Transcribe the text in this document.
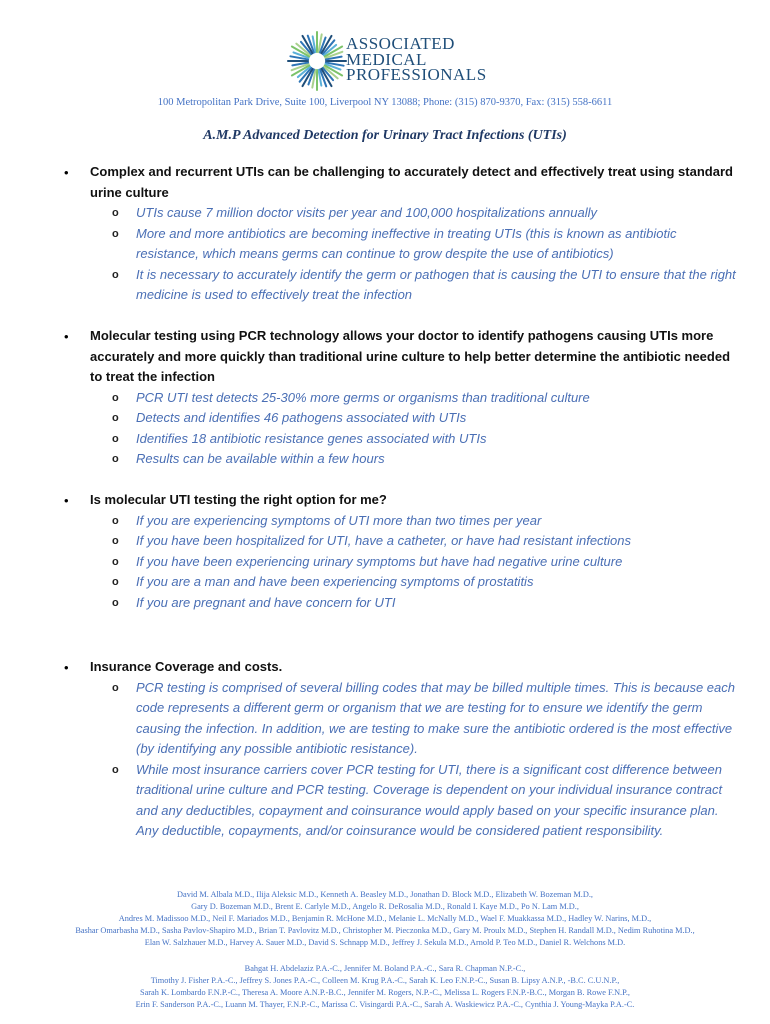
ASSOCIATED
MEDICAL
PROFESSIONALS
100 Metropolitan Park Drive, Suite 100, Liverpool NY 13088; Phone: (315) 870-9370, Fax: (315) 558-6611
A.M.P Advanced Detection for Urinary Tract Infections (UTIs)
• Complex and recurrent UTIs can be challenging to accurately detect and effectively treat using standard urine culture
o UTIs cause 7 million doctor visits per year and 100,000 hospitalizations annually
o More and more antibiotics are becoming ineffective in treating UTIs (this is known as antibiotic resistance, which means germs can continue to grow despite the use of antibiotics)
o It is necessary to accurately identify the germ or pathogen that is causing the UTI to ensure that the right medicine is used to effectively treat the infection
• Molecular testing using PCR technology allows your doctor to identify pathogens causing UTIs more accurately and more quickly than traditional urine culture to help better determine the antibiotic needed to treat the infection
o PCR UTI test detects 25-30% more germs or organisms than traditional culture
o Detects and identifies 46 pathogens associated with UTIs
o Identifies 18 antibiotic resistance genes associated with UTIs
o Results can be available within a few hours
• Is molecular UTI testing the right option for me?
o If you are experiencing symptoms of UTI more than two times per year
o If you have been hospitalized for UTI, have a catheter, or have had resistant infections
o If you have been experiencing urinary symptoms but have had negative urine culture
o If you are a man and have been experiencing symptoms of prostatitis
o If you are pregnant and have concern for UTI
• Insurance Coverage and costs.
o PCR testing is comprised of several billing codes that may be billed multiple times. This is because each code represents a different germ or organism that we are testing for to ensure we identify the germ causing the infection. In addition, we are testing to make sure the antibiotic ordered is the most effective (by identifying any possible antibiotic resistance).
o While most insurance carriers cover PCR testing for UTI, there is a significant cost difference between traditional urine culture and PCR testing. Coverage is dependent on your individual insurance contract and any deductibles, copayment and coinsurance would apply based on your specific insurance plan. Any deductible, copayments, and/or coinsurance would be considered patient responsibility.
David M. Albala M.D., Ilija Aleksic M.D., Kenneth A. Beasley M.D., Jonathan D. Block M.D., Elizabeth W. Bozeman M.D.,
Gary D. Bozeman M.D., Brent E. Carlyle M.D., Angelo R. DeRosalia M.D., Ronald I. Kaye M.D., Po N. Lam M.D.,
Andres M. Madissoo M.D., Neil F. Mariados M.D., Benjamin R. McHone M.D., Melanie L. McNally M.D., Wael F. Muakkassa M.D., Hadley W. Narins, M.D.,
Bashar Omarbasha M.D., Sasha Pavlov-Shapiro M.D., Brian T. Pavlovitz M.D., Christopher M. Pieczonka M.D., Gary M. Proulx M.D., Stephen H. Randall M.D., Nedim Ruhotina M.D.,
Elan W. Salzhauer M.D., Harvey A. Sauer M.D., David S. Schnapp M.D., Jeffrey J. Sekula M.D., Arnold P. Teo M.D., Daniel R. Welchons M.D.
Bahgat H. Abdelaziz P.A.-C., Jennifer M. Boland P.A.-C., Sara R. Chapman N.P.-C.,
Timothy J. Fisher P.A.-C., Jeffrey S. Jones P.A.-C., Colleen M. Krug P.A.-C., Sarah K. Leo F.N.P.-C., Susan B. Lipsy A.N.P., -B.C. C.U.N.P.,
Sarah K. Lombardo F.N.P.-C., Theresa A. Moore A.N.P.-B.C., Jennifer M. Rogers, N.P.-C., Melissa L. Rogers F.N.P.-B.C., Morgan B. Rowe F.N.P.,
Erin F. Sanderson P.A.-C., Luann M. Thayer, F.N.P.-C., Marissa C. Visingardi P.A.-C., Sarah A. Waskiewicz P.A.-C., Cynthia J. Young-Mayka P.A.-C.
